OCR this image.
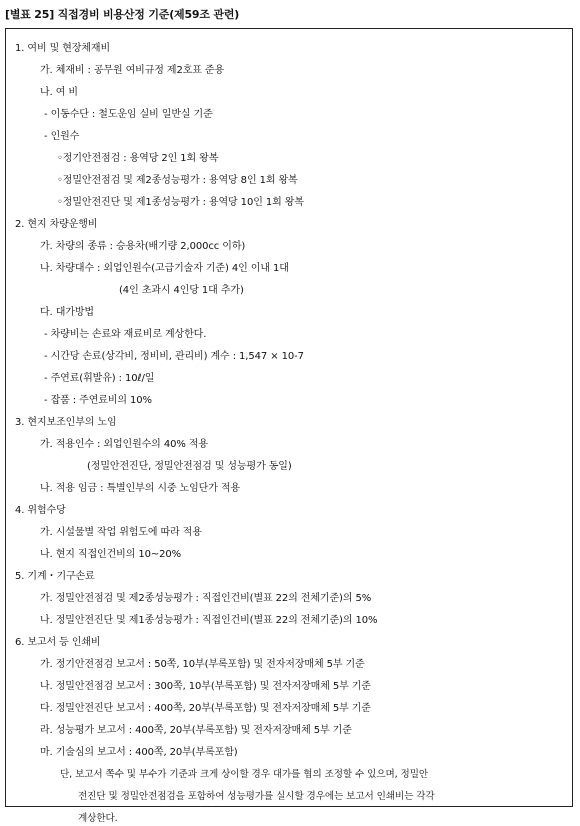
[별표 25] 직접경비 비용산정 기준(제59조 관련)
1. 여비 및 현장체재비
가. 체재비 : 공무원 여비규정 제2호표 준용
나. 여 비
- 이동수단 : 철도운임 실비 일반실 기준
- 인원수
◦정기안전점검 : 용역당 2인 1회 왕복
◦정밀안전점검 및 제2종성능평가 : 용역당 8인 1회 왕복
◦정밀안전진단 및 제1종성능평가 : 용역당 10인 1회 왕복
2. 현지 차량운행비
가. 차량의 종류 : 승용차(배기량 2,000cc 이하)
나. 차량대수 : 외업인원수(고급기술자 기준) 4인 이내 1대
(4인 초과시 4인당 1대 추가)
다. 대가방법
- 차량비는 손료와 재료비로 계상한다.
- 시간당 손료(상각비, 정비비, 관리비) 계수 : 1,547 × 10-7
- 주연료(휘발유) : 10ℓ/일
- 잡품 : 주연료비의 10%
3. 현지보조인부의 노임
가. 적용인수 : 외업인원수의 40% 적용
(정밀안전진단, 정밀안전점검 및 성능평가 동일)
나. 적용 임금 : 특별인부의 시중 노임단가 적용
4. 위험수당
가. 시설물별 작업 위험도에 따라 적용
나. 현지 직접인건비의 10~20%
5. 기계・기구손료
가. 정밀안전점검 및 제2종성능평가 : 직접인건비(별표 22의 전체기준)의 5%
나. 정밀안전진단 및 제1종성능평가 : 직접인건비(별표 22의 전체기준)의 10%
6. 보고서 등 인쇄비
가. 정기안전점검 보고서 : 50쪽, 10부(부록포함) 및 전자저장매체 5부 기준
나. 정밀안전점검 보고서 : 300쪽, 10부(부록포함) 및 전자저장매체 5부 기준
다. 정밀안전진단 보고서 : 400쪽, 20부(부록포함) 및 전자저장매체 5부 기준
라. 성능평가 보고서 : 400쪽, 20부(부록포함) 및 전자저장매체 5부 기준
마. 기술심의 보고서 : 400쪽, 20부(부록포함)
단, 보고서 쪽수 및 부수가 기준과 크게 상이할 경우 대가를 협의 조정할 수 있으며, 정밀안
전진단 및 정밀안전점검을 포함하여 성능평가를 실시할 경우에는 보고서 인쇄비는 각각
계상한다.
